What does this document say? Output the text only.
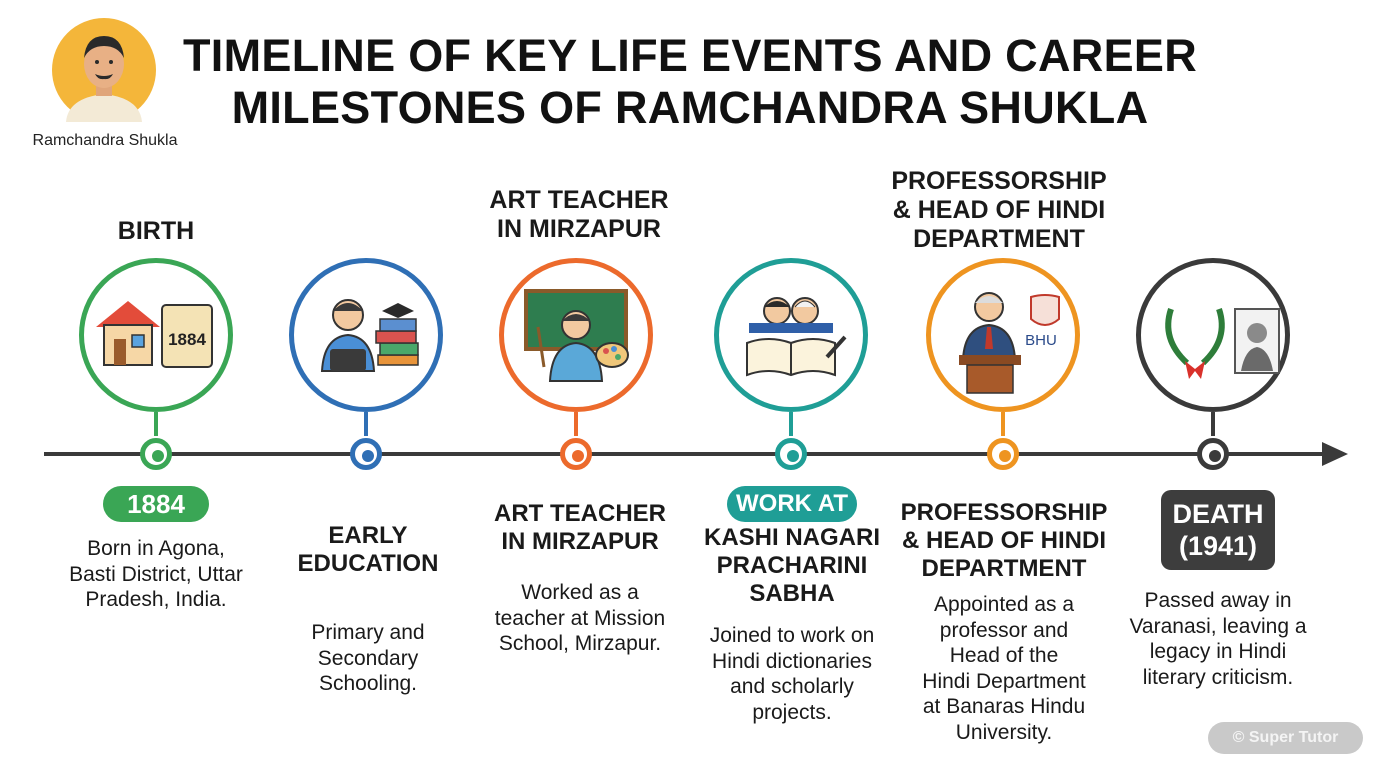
Ramchandra Shukla
TIMELINE OF KEY LIFE EVENTS AND CAREER
MILESTONES OF RAMCHANDRA SHUKLA
BIRTH
ART TEACHER
IN MIRZAPUR
PROFESSORSHIP
& HEAD OF HINDI
DEPARTMENT
1884	BHU
1884
Born in Agona,
Basti District, Uttar
Pradesh, India.
EARLY
EDUCATION
Primary and
Secondary
Schooling.
ART TEACHER
IN MIRZAPUR
Worked as a
teacher at Mission
School, Mirzapur.
WORK AT
KASHI NAGARI
PRACHARINI
SABHA
Joined to work on
Hindi dictionaries
and scholarly
projects.
PROFESSORSHIP
& HEAD OF HINDI
DEPARTMENT
Appointed as a
professor and
Head of the
Hindi Department
at Banaras Hindu
University.
DEATH
(1941)
Passed away in
Varanasi, leaving a
legacy in Hindi
literary criticism.
© Super Tutor
